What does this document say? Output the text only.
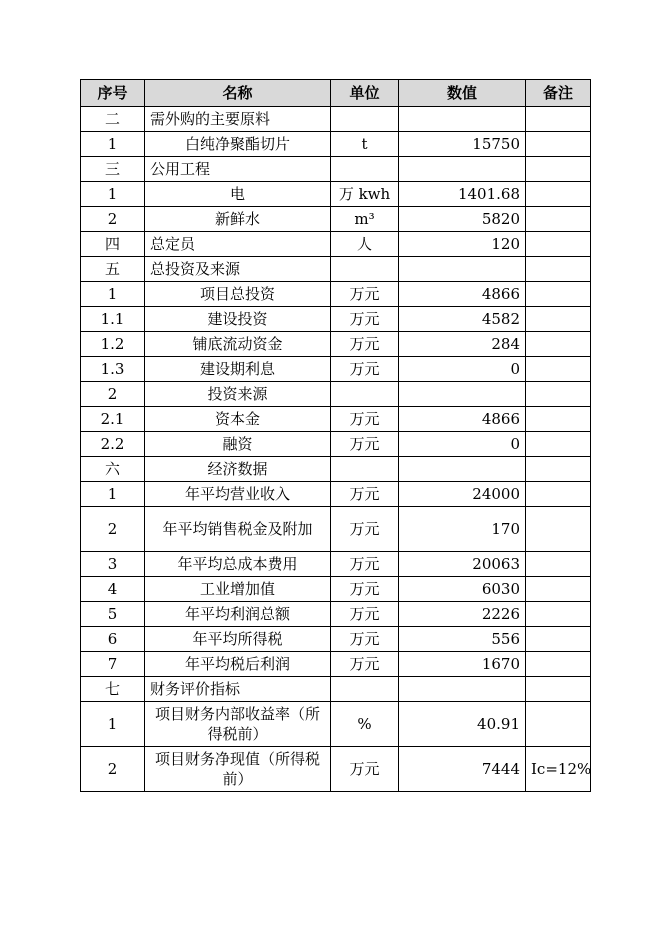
序号	名称	单位	数值	备注
二	需外购的主要原料			
1	白纯净聚酯切片	t	15750	
三	公用工程			
1	电	万 kwh	1401.68	
2	新鲜水	m³	5820	
四	总定员	人	120	
五	总投资及来源			
1	项目总投资	万元	4866	
1.1	建设投资	万元	4582	
1.2	铺底流动资金	万元	284	
1.3	建设期利息	万元	0	
2	投资来源			
2.1	资本金	万元	4866	
2.2	融资	万元	0	
六	经济数据			
1	年平均营业收入	万元	24000	
2	年平均销售税金及附加	万元	170	
3	年平均总成本费用	万元	20063	
4	工业增加值	万元	6030	
5	年平均利润总额	万元	2226	
6	年平均所得税	万元	556	
7	年平均税后利润	万元	1670	
七	财务评价指标			
1	项目财务内部收益率（所得税前）	%	40.91	
2	项目财务净现值（所得税前）	万元	7444	Ic=12%
